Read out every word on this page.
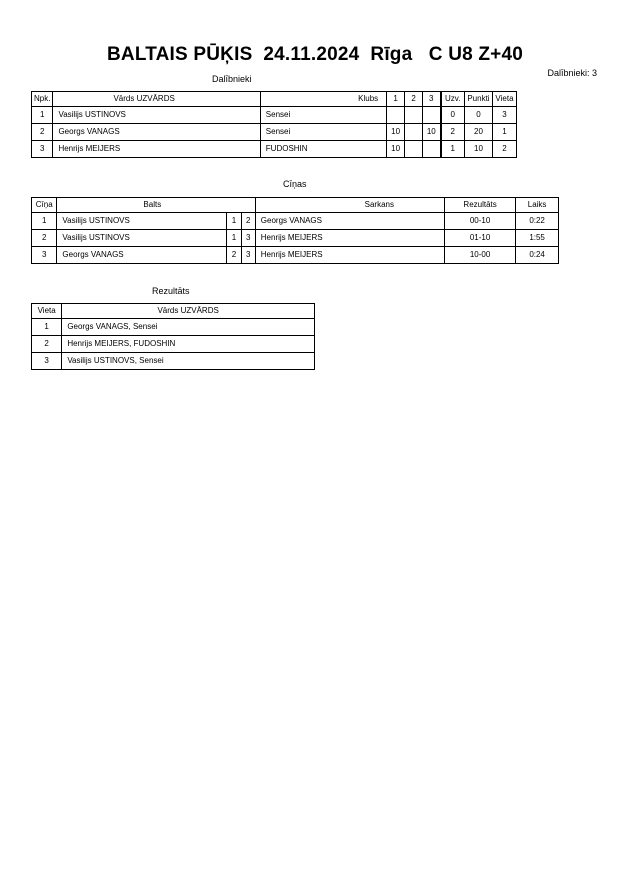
BALTAIS PŪĶIS  24.11.2024  Rīga   C U8 Z+40
Dalībnieki: 3
Dalībnieki
Npk.	Vārds UZVĀRDS	Klubs	1	2	3	Uzv.	Punkti	Vieta
1	Vasilijs USTINOVS	Sensei				0	0	3
2	Georgs VANAGS	Sensei	10		10	2	20	1
3	Henrijs MEIJERS	FUDOSHIN	10			1	10	2
Cīņas
Cīņa	Balts			Sarkans	Rezultāts	Laiks
1	Vasilijs USTINOVS	1	2	Georgs VANAGS	00-10	0:22
2	Vasilijs USTINOVS	1	3	Henrijs MEIJERS	01-10	1:55
3	Georgs VANAGS	2	3	Henrijs MEIJERS	10-00	0:24
Rezultāts
Vieta	Vārds UZVĀRDS
1	Georgs VANAGS, Sensei
2	Henrijs MEIJERS, FUDOSHIN
3	Vasilijs USTINOVS, Sensei
